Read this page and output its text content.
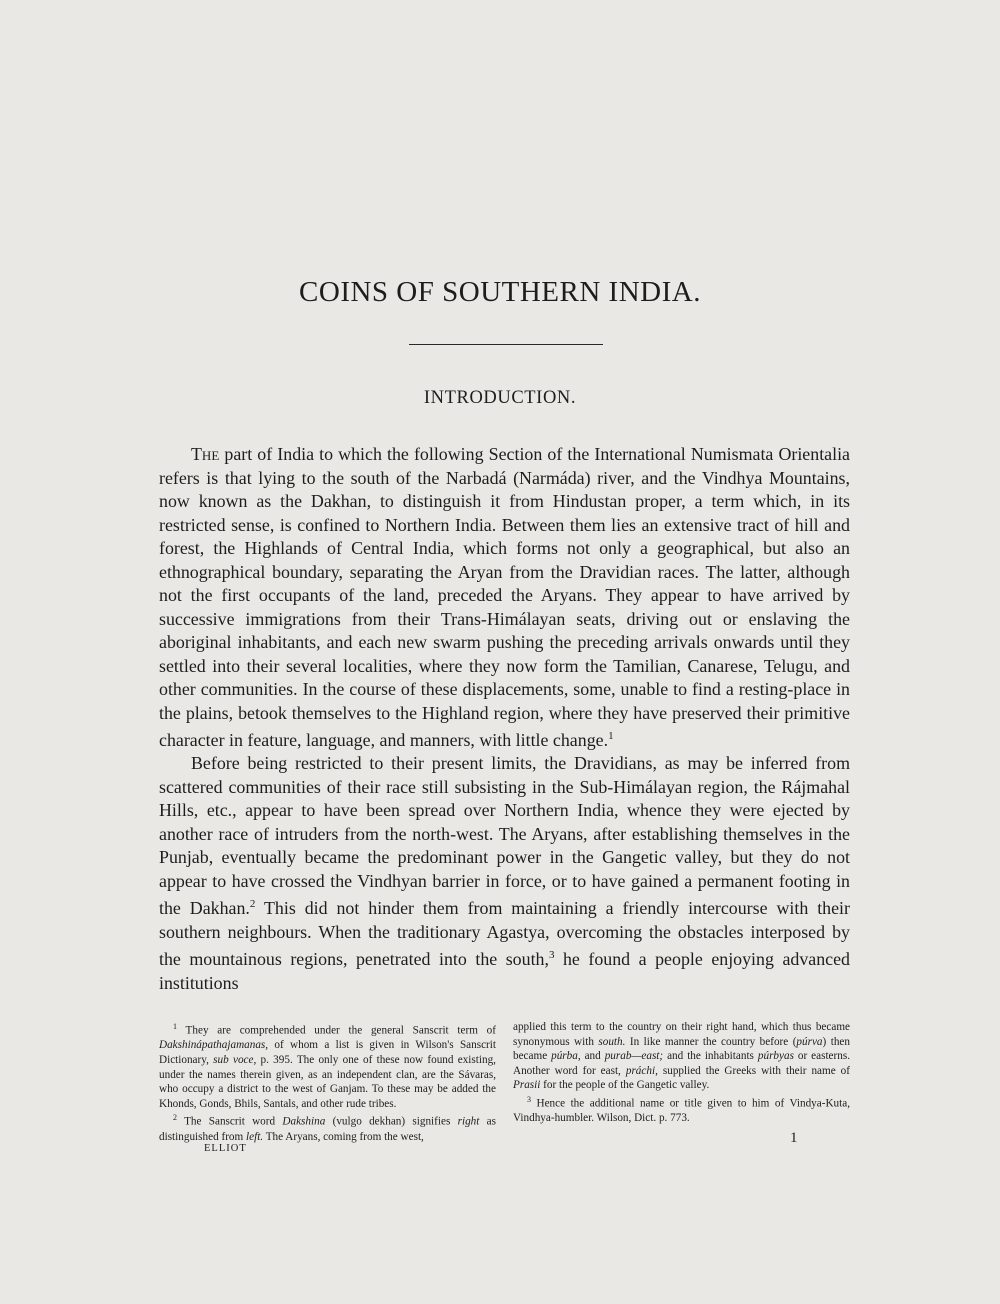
COINS OF SOUTHERN INDIA.
INTRODUCTION.

The part of India to which the following Section of the International Numismata Orientalia refers is that lying to the south of the Narbadá (Narmáda) river, and the Vindhya Mountains, now known as the Dakhan, to distinguish it from Hindustan proper, a term which, in its restricted sense, is confined to Northern India. Between them lies an extensive tract of hill and forest, the Highlands of Central India, which forms not only a geographical, but also an ethnographical boundary, separating the Aryan from the Dravidian races. The latter, although not the first occupants of the land, preceded the Aryans. They appear to have arrived by successive immigrations from their Trans-Himálayan seats, driving out or enslaving the aboriginal inhabitants, and each new swarm pushing the preceding arrivals onwards until they settled into their several localities, where they now form the Tamilian, Canarese, Telugu, and other communities. In the course of these displacements, some, unable to find a resting-place in the plains, betook themselves to the Highland region, where they have preserved their primitive character in feature, language, and manners, with little change.$^1$

Before being restricted to their present limits, the Dravidians, as may be inferred from scattered communities of their race still subsisting in the Sub-Himálayan region, the Rájmahal Hills, etc., appear to have been spread over Northern India, whence they were ejected by another race of intruders from the north-west. The Aryans, after establishing themselves in the Punjab, eventually became the predominant power in the Gangetic valley, but they do not appear to have crossed the Vindhyan barrier in force, or to have gained a permanent footing in the Dakhan.$^2$ This did not hinder them from maintaining a friendly intercourse with their southern neighbours. When the traditionary Agastya, overcoming the obstacles interposed by the mountainous regions, penetrated into the south,$^3$ he found a people enjoying advanced institutions

$^1$ They are comprehended under the general Sanscrit term of Dakshinápathajamanas, of whom a list is given in Wilson's Sanscrit Dictionary, sub voce, p. 395. The only one of these now found existing, under the names therein given, as an independent clan, are the Sávaras, who occupy a district to the west of Ganjam. To these may be added the Khonds, Gonds, Bhils, Santals, and other rude tribes.

$^2$ The Sanscrit word Dakshina (vulgo dekhan) signifies right as distinguished from left. The Aryans, coming from the west,

applied this term to the country on their right hand, which thus became synonymous with south. In like manner the country before (púrva) then became púrba, and purab—east; and the inhabitants púrbyas or easterns. Another word for east, práchi, supplied the Greeks with their name of Prasii for the people of the Gangetic valley.

$^3$ Hence the additional name or title given to him of Vindya-Kuta, Vindhya-humbler. Wilson, Dict. p. 773.

ELLIOT
1
